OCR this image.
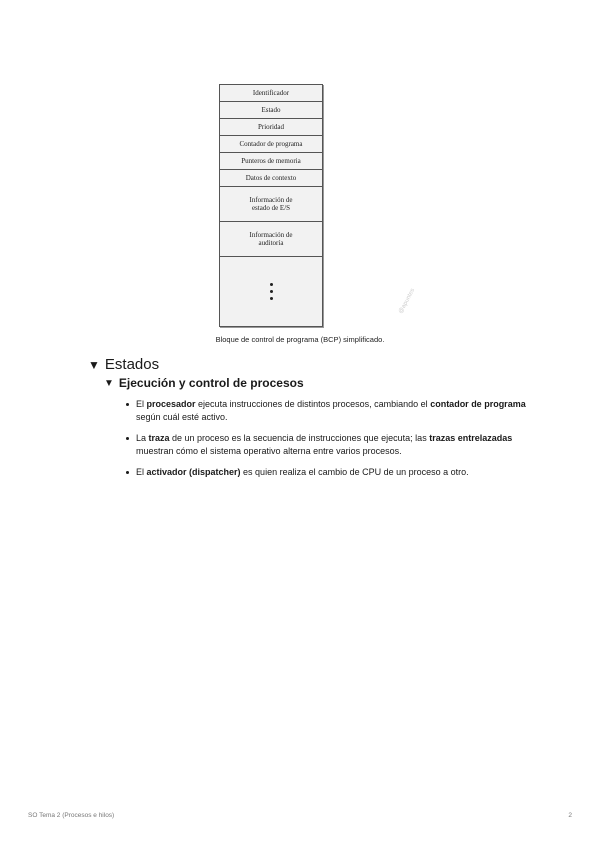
Identificador
Estado
Prioridad
Contador de programa
Punteros de memoria
Datos de contexto
Información de
estado de E/S
Información de
auditoría
@apuntes
Bloque de control de programa (BCP) simplificado.
▼ Estados
▼ Ejecución y control de procesos
El procesador ejecuta instrucciones de distintos procesos, cambiando el contador de programa según cuál esté activo.
La traza de un proceso es la secuencia de instrucciones que ejecuta; las trazas entrelazadas muestran cómo el sistema operativo alterna entre varios procesos.
El activador (dispatcher) es quien realiza el cambio de CPU de un proceso a otro.
SO Tema 2 (Procesos e hilos)	2
